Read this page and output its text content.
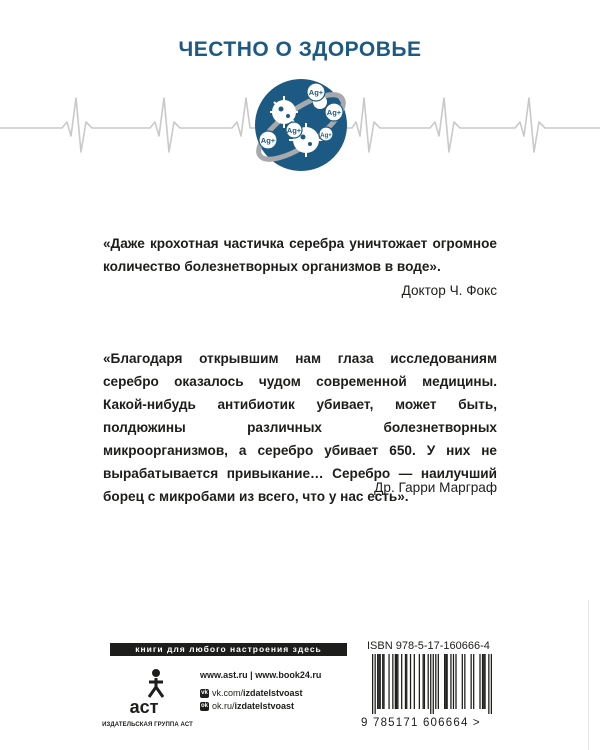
ЧЕСТНО О ЗДОРОВЬЕ
Ag+
Ag+
Ag+
Ag+
Ag+
«Даже крохотная частичка серебра уничтожает огромное количество болезнетворных организмов в воде».
Доктор Ч. Фокс
«Благодаря открывшим нам глаза исследованиям серебро оказалось чудом современной медицины. Какой-нибудь антибиотик убивает, может быть, полдюжины различных болезнетворных микроорганизмов, а серебро убивает 650. У них не вырабатывается привыкание… Серебро — наилучший борец с микробами из всего, что у нас есть».
Др. Гарри Марграф
книги для любого настроения здесь
аст
ИЗДАТЕЛЬСКАЯ ГРУППА АСТ
www.ast.ru | www.book24.ru
vk vk.com/izdatelstvoast
ok ok.ru/izdatelstvoast
ISBN 978-5-17-160666-4
9 785171 606664 >
